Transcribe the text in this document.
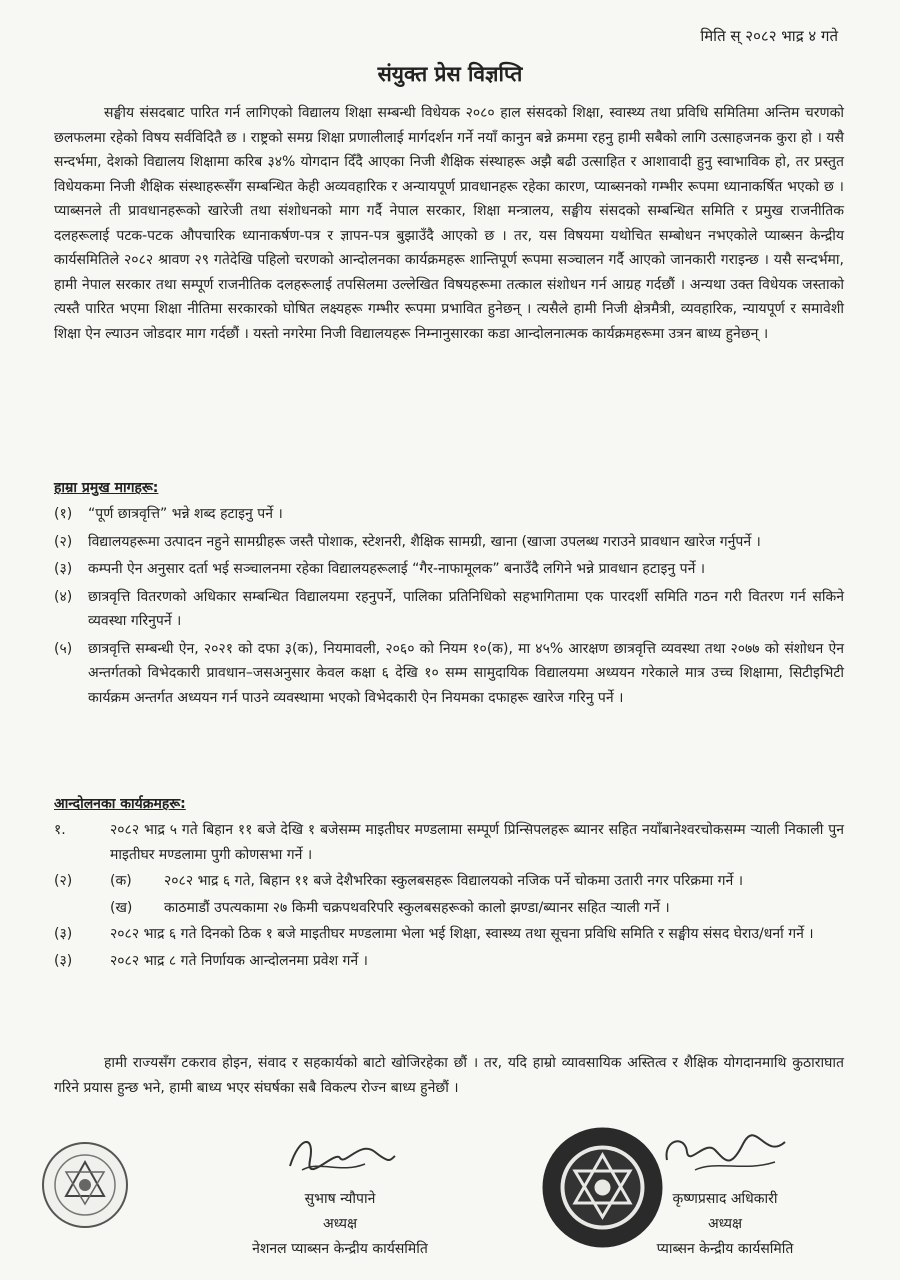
मिति स् २०८२ भाद्र ४ गते
संयुक्त प्रेस विज्ञप्ति

सङ्घीय संसदबाट पारित गर्न लागिएको विद्यालय शिक्षा सम्बन्धी विधेयक २०८० हाल संसदको शिक्षा, स्वास्थ्य तथा प्रविधि समितिमा अन्तिम चरणको छलफलमा रहेको विषय सर्वविदितै छ । राष्ट्रको समग्र शिक्षा प्रणालीलाई मार्गदर्शन गर्ने नयाँ कानुन बन्ने क्रममा रहनु हामी सबैको लागि उत्साहजनक कुरा हो । यसै सन्दर्भमा, देशको विद्यालय शिक्षामा करिब ३४% योगदान दिँदै आएका निजी शैक्षिक संस्थाहरू अझै बढी उत्साहित र आशावादी हुनु स्वाभाविक हो, तर प्रस्तुत विधेयकमा निजी शैक्षिक संस्थाहरूसँग सम्बन्धित केही अव्यवहारिक र अन्यायपूर्ण प्रावधानहरू रहेका कारण, प्याब्सनको गम्भीर रूपमा ध्यानाकर्षित भएको छ । प्याब्सनले ती प्रावधानहरूको खारेजी तथा संशोधनको माग गर्दै नेपाल सरकार, शिक्षा मन्त्रालय, सङ्घीय संसदको सम्बन्धित समिति र प्रमुख राजनीतिक दलहरूलाई पटक-पटक औपचारिक ध्यानाकर्षण-पत्र र ज्ञापन-पत्र बुझाउँदै आएको छ । तर, यस विषयमा यथोचित सम्बोधन नभएकोले प्याब्सन केन्द्रीय कार्यसमितिले २०८२ श्रावण २९ गतेदेखि पहिलो चरणको आन्दोलनका कार्यक्रमहरू शान्तिपूर्ण रूपमा सञ्चालन गर्दै आएको जानकारी गराइन्छ । यसै सन्दर्भमा, हामी नेपाल सरकार तथा सम्पूर्ण राजनीतिक दलहरूलाई तपसिलमा उल्लेखित विषयहरूमा तत्काल संशोधन गर्न आग्रह गर्दछौं । अन्यथा उक्त विधेयक जस्ताको त्यस्तै पारित भएमा शिक्षा नीतिमा सरकारको घोषित लक्ष्यहरू गम्भीर रूपमा प्रभावित हुनेछन् । त्यसैले हामी निजी क्षेत्रमैत्री, व्यवहारिक, न्यायपूर्ण र समावेशी शिक्षा ऐन ल्याउन जोडदार माग गर्दछौं । यस्तो नगरेमा निजी विद्यालयहरू निम्नानुसारका कडा आन्दोलनात्मक कार्यक्रमहरूमा उत्रन बाध्य हुनेछन् ।

हाम्रा प्रमुख मागहरू:
(१)	“पूर्ण छात्रवृत्ति” भन्ने शब्द हटाइनु पर्ने ।
(२)	विद्यालयहरूमा उत्पादन नहुने सामग्रीहरू जस्तै पोशाक, स्टेशनरी, शैक्षिक सामग्री, खाना (खाजा उपलब्ध गराउने प्रावधान खारेज गर्नुपर्ने ।
(३)	कम्पनी ऐन अनुसार दर्ता भई सञ्चालनमा रहेका विद्यालयहरूलाई “गैर-नाफामूलक” बनाउँदै लगिने भन्ने प्रावधान हटाइनु पर्ने ।
(४)	छात्रवृत्ति वितरणको अधिकार सम्बन्धित विद्यालयमा रहनुपर्ने, पालिका प्रतिनिधिको सहभागितामा एक पारदर्शी समिति गठन गरी वितरण गर्न सकिने व्यवस्था गरिनुपर्ने ।
(५)	छात्रवृत्ति सम्बन्धी ऐन, २०२१ को दफा ३(क), नियमावली, २०६० को नियम १०(क), मा ४५% आरक्षण छात्रवृत्ति व्यवस्था तथा २०७७ को संशोधन ऐन अन्तर्गतको विभेदकारी प्रावधान–जसअनुसार केवल कक्षा ६ देखि १० सम्म सामुदायिक विद्यालयमा अध्ययन गरेकाले मात्र उच्च शिक्षामा, सिटीइभिटी कार्यक्रम अन्तर्गत अध्ययन गर्न पाउने व्यवस्थामा भएको विभेदकारी ऐन नियमका दफाहरू खारेज गरिनु पर्ने ।
आन्दोलनका कार्यक्रमहरू:
१.	२०८२ भाद्र ५ गते बिहान ११ बजे देखि १ बजेसम्म माइतीघर मण्डलामा सम्पूर्ण प्रिन्सिपलहरू ब्यानर सहित नयाँबानेश्वरचोकसम्म र्‍याली निकाली पुन माइतीघर मण्डलामा पुगी कोणसभा गर्ने ।
(२)	(क)	२०८२ भाद्र ६ गते, बिहान ११ बजे देशैभरिका स्कुलबसहरू विद्यालयको नजिक पर्ने चोकमा उतारी नगर परिक्रमा गर्ने ।
(ख)	काठमाडौं उपत्यकामा २७ किमी चक्रपथवरिपरि स्कुलबसहरूको कालो झण्डा/ब्यानर सहित र्‍याली गर्ने ।
(३)	२०८२ भाद्र ६ गते दिनको ठिक १ बजे माइतीघर मण्डलामा भेला भई शिक्षा, स्वास्थ्य तथा सूचना प्रविधि समिति र सङ्घीय संसद घेराउ/धर्ना गर्ने ।
(३)	२०८२ भाद्र ८ गते निर्णायक आन्दोलनमा प्रवेश गर्ने ।

हामी राज्यसँग टकराव होइन, संवाद र सहकार्यको बाटो खोजिरहेका छौं । तर, यदि हाम्रो व्यावसायिक अस्तित्व र शैक्षिक योगदानमाथि कुठाराघात गरिने प्रयास हुन्छ भने, हामी बाध्य भएर संघर्षका सबै विकल्प रोज्न बाध्य हुनेछौं ।

सुभाष न्यौपाने
अध्यक्ष
नेशनल प्याब्सन केन्द्रीय कार्यसमिति
कृष्णप्रसाद अधिकारी
अध्यक्ष
प्याब्सन केन्द्रीय कार्यसमिति
